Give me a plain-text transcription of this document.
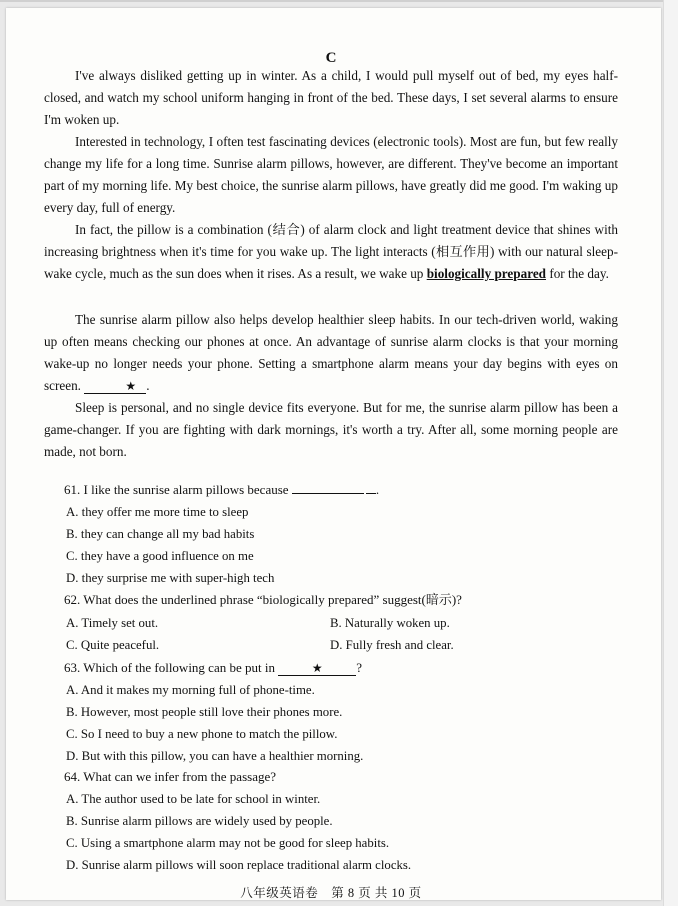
C

I've always disliked getting up in winter. As a child, I would pull myself out of bed, my eyes half-closed, and watch my school uniform hanging in front of the bed. These days, I set several alarms to ensure I'm woken up.

Interested in technology, I often test fascinating devices (electronic tools). Most are fun, but few really change my life for a long time. Sunrise alarm pillows, however, are different. They've become an important part of my morning life. My best choice, the sunrise alarm pillows, have greatly did me good. I'm waking up every day, full of energy.

In fact, the pillow is a combination (结合) of alarm clock and light treatment device that shines with increasing brightness when it's time for you wake up. The light interacts (相互作用) with our natural sleep-wake cycle, much as the sun does when it rises. As a result, we wake up biologically prepared for the day.

The sunrise alarm pillow also helps develop healthier sleep habits. In our tech-driven world, waking up often means checking our phones at once. An advantage of sunrise alarm clocks is that your morning wake-up no longer needs your phone. Setting a smartphone alarm means your day begins with eyes on screen.	★ .

Sleep is personal, and no single device fits everyone. But for me, the sunrise alarm pillow has been a game-changer. If you are fighting with dark mornings, it's worth a try. After all, some morning people are made, not born.

61. I like the sunrise alarm pillows because	.
A. they offer me more time to sleep
B. they can change all my bad habits
C. they have a good influence on me
D. they surprise me with super-high tech
62. What does the underlined phrase “biologically prepared” suggest(暗示)?
A. Timely set out.	B. Naturally woken up.
C. Quite peaceful.	D. Fully fresh and clear.
63. Which of the following can be put in	★	?
A. And it makes my morning full of phone-time.
B. However, most people still love their phones more.
C. So I need to buy a new phone to match the pillow.
D. But with this pillow, you can have a healthier morning.
64. What can we infer from the passage?
A. The author used to be late for school in winter.
B. Sunrise alarm pillows are widely used by people.
C. Using a smartphone alarm may not be good for sleep habits.
D. Sunrise alarm pillows will soon replace traditional alarm clocks.
八年级英语卷　第 8 页 共 10 页
